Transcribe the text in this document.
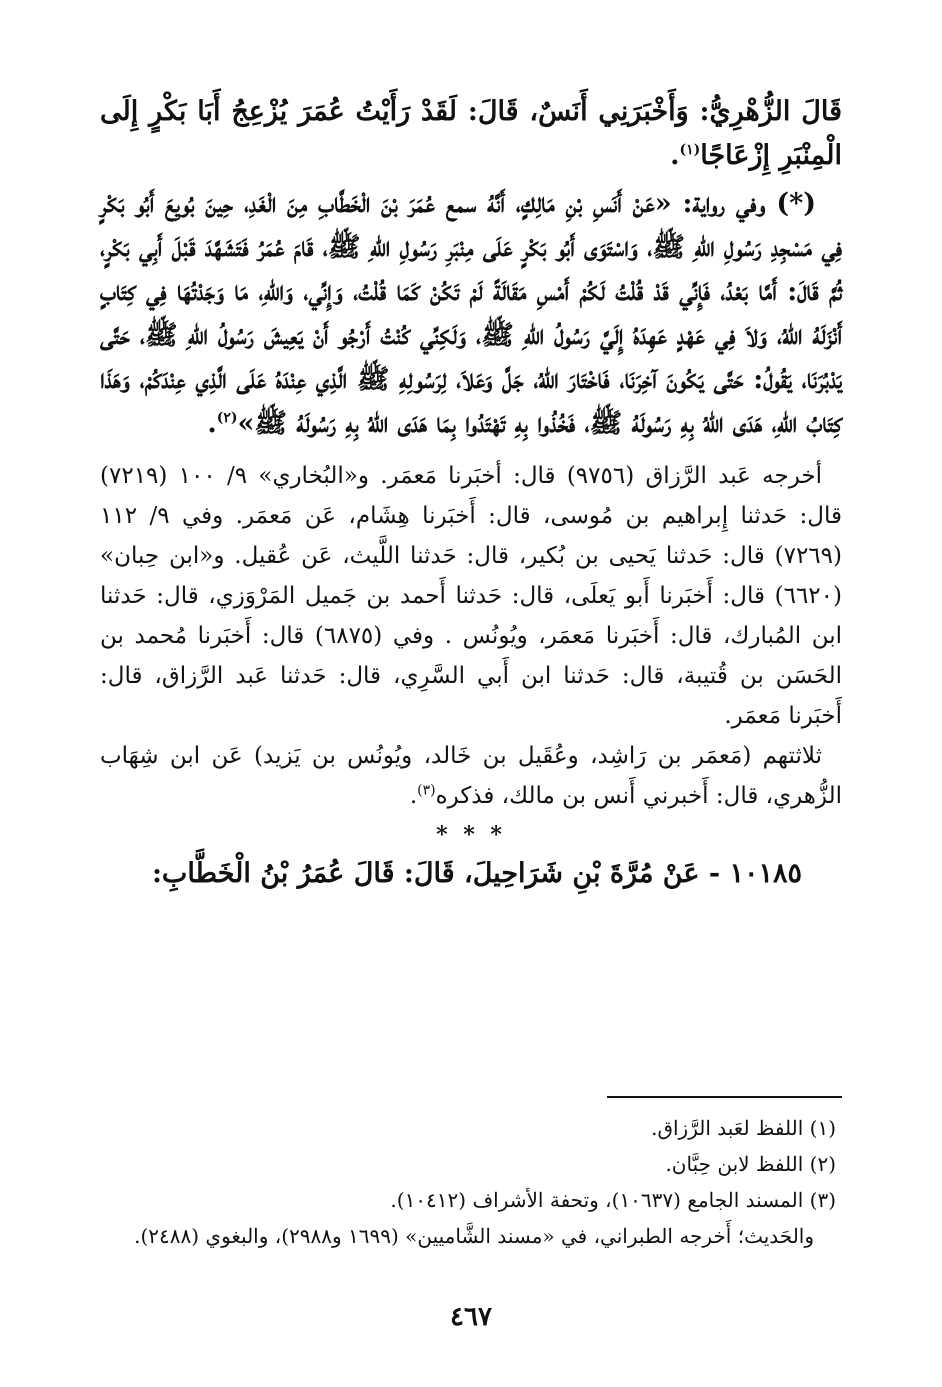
قَالَ الزُّهْرِيُّ: وَأَخْبَرَنِي أَنَسٌ، قَالَ: لَقَدْ رَأَيْتُ عُمَرَ يُزْعِجُ أَبَا بَكْرٍ إِلَى الْمِنْبَرِ إِزْعَاجًا$^{(١)}$.

(*) وفي رواية: «عَنْ أَنَسِ بْنِ مَالِكٍ، أَنَّهُ سمع عُمَرَ بْنَ الْخَطَّابِ مِنَ الْغَدِ، حِينَ بُويِعَ أَبُو بَكْرٍ فِي مَسْجِدِ رَسُولِ اللهِ ﷺ، وَاسْتَوَى أَبُو بَكْرٍ عَلَى مِنْبَرِ رَسُولِ اللهِ ﷺ، قَامَ عُمَرُ فَتَشَهَّدَ قَبْلَ أَبِي بَكْرٍ، ثُمَّ قَالَ: أَمَّا بَعْدُ، فَإِنِّي قَدْ قُلْتُ لَكُمْ أَمْسِ مَقَالَةً لَمْ تَكُنْ كَمَا قُلْتُ، وَإِنِّي، وَاللهِ، مَا وَجَدْتُهَا فِي كِتَابٍ أَنْزَلَهُ اللهُ، وَلاَ فِي عَهْدٍ عَهِدَهُ إِلَيَّ رَسُولُ اللهِ ﷺ، وَلَكِنِّي كُنْتُ أَرْجُو أَنْ يَعِيشَ رَسُولُ اللهِ ﷺ، حَتَّى يَدْبُرَنَا، يَقُولُ: حَتَّى يَكُونَ آخِرَنَا، فَاخْتَارَ اللهُ، جَلَّ وَعَلاَ، لِرَسُولِهِ ﷺ الَّذِي عِنْدَهُ عَلَى الَّذِي عِنْدَكُمْ، وَهَذَا كِتَابُ اللهِ، هَدَى اللهُ بِهِ رَسُولَهُ ﷺ، فَخُذُوا بِهِ تَهْتَدُوا بِمَا هَدَى اللهُ بِهِ رَسُولَهُ ﷺ»$^{(٢)}$.

أخرجه عَبد الرَّزاق (٩٧٥٦) قال: أخبَرنا مَعمَر. و«البُخاري» ٩/ ١٠٠ (٧٢١٩) قال: حَدثنا إِبراهيم بن مُوسى، قال: أَخبَرنا هِشَام، عَن مَعمَر. وفي ٩/ ١١٢ (٧٢٦٩) قال: حَدثنا يَحيى بن بُكير، قال: حَدثنا اللَّيث، عَن عُقيل. و«ابن حِبان» (٦٦٢٠) قال: أَخبَرنا أَبو يَعلَى، قال: حَدثنا أَحمد بن جَميل المَرْوَزي، قال: حَدثنا ابن المُبارك، قال: أَخبَرنا مَعمَر، ويُونُس . وفي (٦٨٧٥) قال: أَخبَرنا مُحمد بن الحَسَن بن قُتيبة، قال: حَدثنا ابن أَبي السَّرِي، قال: حَدثنا عَبد الرَّزاق، قال: أَخبَرنا مَعمَر.

ثلاثتهم (مَعمَر بن رَاشِد، وعُقَيل بن خَالد، ويُونُس بن يَزيد) عَن ابن شِهَاب الزُّهري، قال: أَخبرني أَنس بن مالك، فذكره$^{(٣)}$.

* * *

١٠١٨٥ - عَنْ مُرَّةَ بْنِ شَرَاحِيلَ، قَالَ: قَالَ عُمَرُ بْنُ الْخَطَّابِ:

(١) اللفظ لعَبد الرَّزاق.

(٢) اللفظ لابن حِبَّان.

(٣) المسند الجامع (١٠٦٣٧)، وتحفة الأشراف (١٠٤١٢).

والحَديث؛ أَخرجه الطبراني، في «مسند الشَّاميين» (١٦٩٩ و٢٩٨٨)، والبغوي (٢٤٨٨).

٤٦٧
